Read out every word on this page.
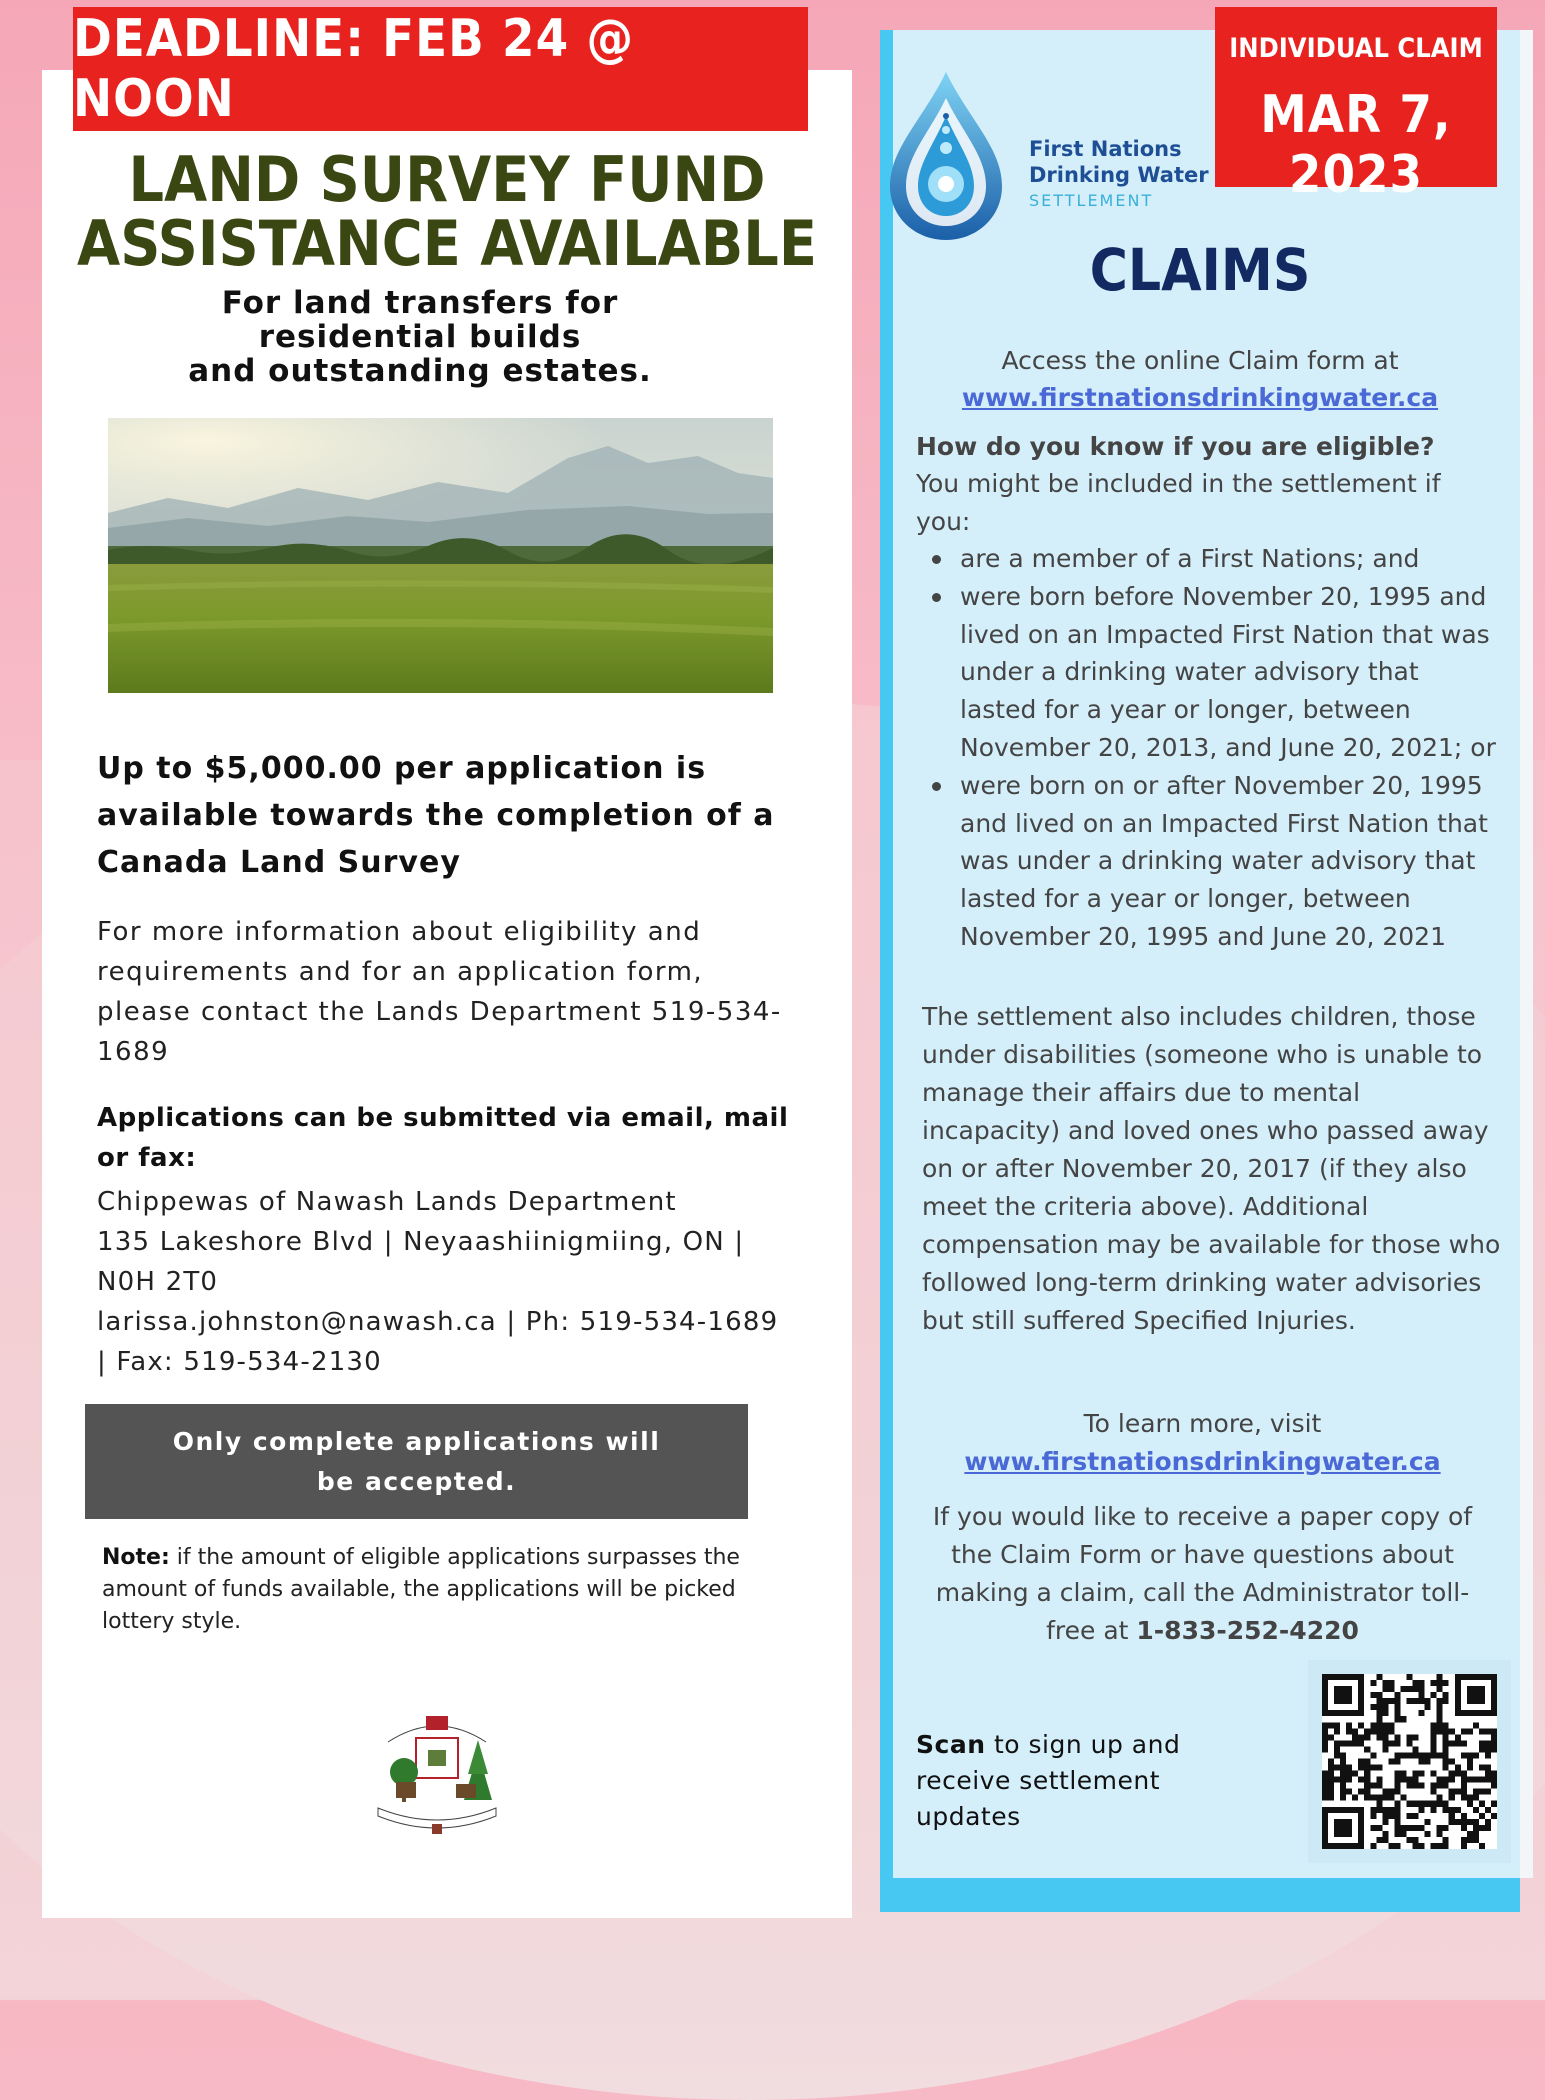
DEADLINE: FEB 24 @ NOON
LAND SURVEY FUND
ASSISTANCE AVAILABLE
For land transfers for
residential builds
and outstanding estates.
Up to $5,000.00 per application is available towards the completion of a Canada Land Survey
For more information about eligibility and requirements and for an application form, please contact the Lands Department 519-534-1689
Applications can be submitted via email, mail or fax:
Chippewas of Nawash Lands Department
135 Lakeshore Blvd | Neyaashiinigmiing, ON | N0H 2T0
larissa.johnston@nawash.ca | Ph: 519-534-1689 | Fax: 519-534-2130
Only complete applications will be accepted.
Note: if the amount of eligible applications surpasses the amount of funds available, the applications will be picked lottery style.
INDIVIDUAL CLAIM
MAR 7, 2023
First Nations
Drinking Water
SETTLEMENT
CLAIMS
Access the online Claim form at
www.firstnationsdrinkingwater.ca
How do you know if you are eligible?
You might be included in the settlement if you:
are a member of a First Nations; and
were born before November 20, 1995 and lived on an Impacted First Nation that was under a drinking water advisory that lasted for a year or longer, between November 20, 2013, and June 20, 2021; or
were born on or after November 20, 1995 and lived on an Impacted First Nation that was under a drinking water advisory that lasted for a year or longer, between November 20, 1995 and June 20, 2021
The settlement also includes children, those under disabilities (someone who is unable to manage their affairs due to mental incapacity) and loved ones who passed away on or after November 20, 2017 (if they also meet the criteria above). Additional compensation may be available for those who followed long-term drinking water advisories but still suffered Specified Injuries.
To learn more, visit
www.firstnationsdrinkingwater.ca
If you would like to receive a paper copy of the Claim Form or have questions about making a claim, call the Administrator toll-free at 1-833-252-4220
Scan to sign up and receive settlement updates
